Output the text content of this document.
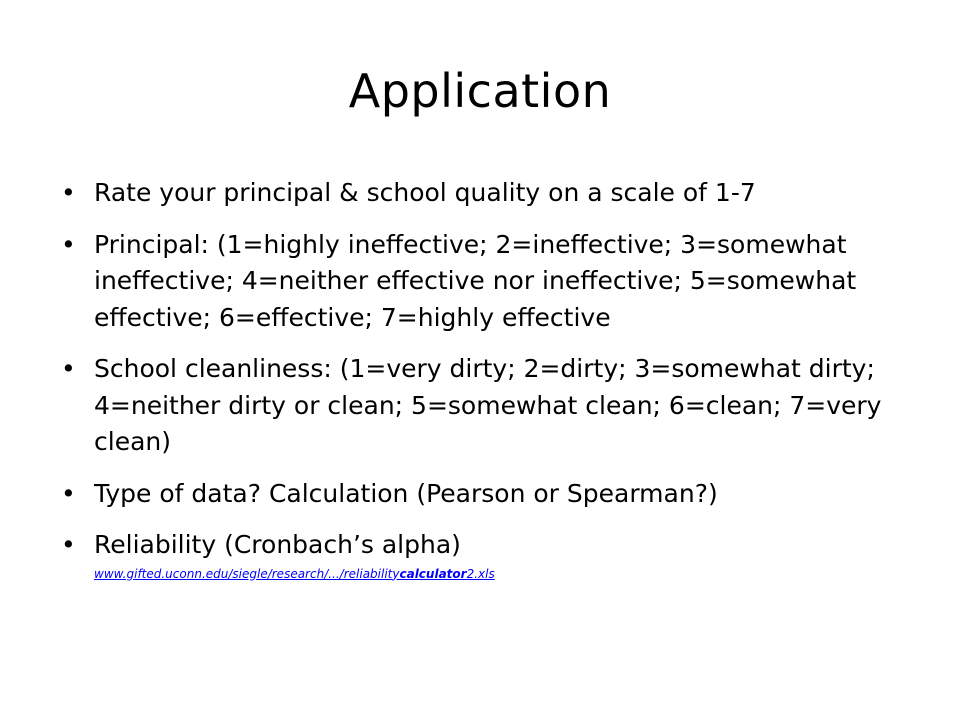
Application
• Rate your principal & school quality on a scale of 1-7
• Principal: (1=highly ineffective; 2=ineffective; 3=somewhat ineffective; 4=neither effective nor ineffective; 5=somewhat effective; 6=effective; 7=highly effective
• School cleanliness: (1=very dirty; 2=dirty; 3=somewhat dirty; 4=neither dirty or clean; 5=somewhat clean; 6=clean; 7=very clean)
• Type of data? Calculation (Pearson or Spearman?)
• Reliability (Cronbach’s alpha)
www.gifted.uconn.edu/siegle/research/.../reliabilitycalculator2.xls
